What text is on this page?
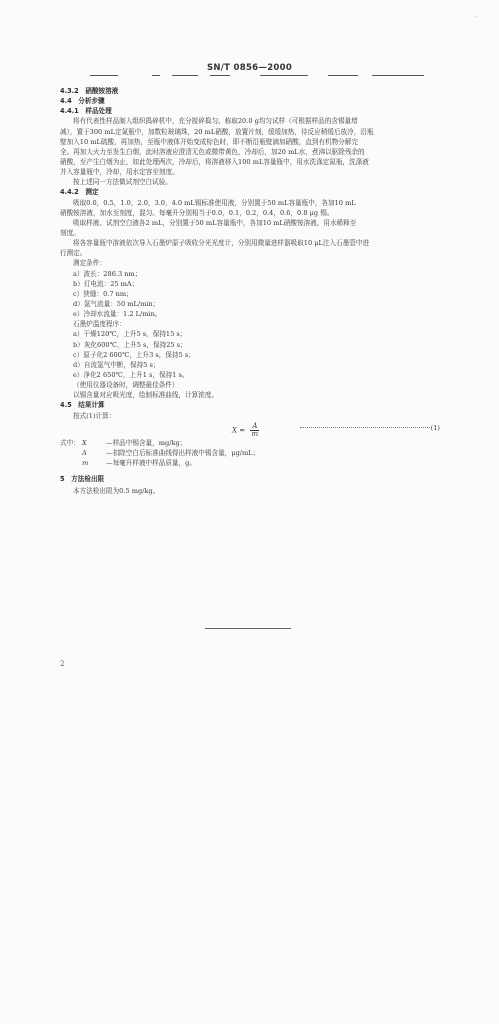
·
SN/T 0856—2000
4.3.2　硝酸铵溶液
4.4　分析步骤
4.4.1　样品处理
将有代表性样品制入组织捣碎机中，充分搅碎捣匀。称取20.0 g均匀试样（可根据样品的含锡量增
减），置于300 mL定氮瓶中，加数粒玻璃珠，20 mL硝酸，放置片刻，缓缓加热，待反应稍缓后放冷，沿瓶
壁加入10 mL硫酸，再加热，至瓶中液体开始变成棕色时，即不断沿瓶壁滴加硝酸，直到有机物分解完
全。再加大火力至发生白烟，此时溶液应澄清无色或微带黄色，冷却后，加20 mL水，煮沸以驱除残余的
硝酸，至产生白烟为止，如此处理两次，冷却后，将溶液移入100 mL容量瓶中，用水洗涤定氮瓶，洗涤液
并入容量瓶中，冷却，用水定容至刻度。
按上述同一方法做试剂空白试验。
4.4.2　测定
吸取0.0，0.5，1.0，2.0，3.0，4.0 mL锡标准使用液，分别置于50 mL容量瓶中，各加10 mL
硝酸铵溶液，加水至刻度，混匀。每毫升分别相当于0.0，0.1，0.2，0.4，0.6，0.8 μg 锡。
吸取样液、试剂空白液各2 mL，分别置于50 mL容量瓶中，各加10 mL硝酸铵溶液，用水稀释至
刻度。
将各容量瓶中溶液依次导入石墨炉原子吸收分光光度计，分别用微量进样器吸取10 μL注入石墨管中进
行测定。
测定条件：
a）波长：286.3 nm；
b）灯电流：25 mA；
c）狭缝：0.7 nm；
d）氩气流量：50 mL/min；
e）冷却水流量：1.2 L/min。
石墨炉温度程序：
a）干燥120℃，上升5 s，保持15 s；
b）灰化600℃，上升5 s，保持25 s；
c）原子化2 600℃，上升3 s，保持5 s；
d）自流氩气中断，保持5 s；
e）净化2 650℃，上升1 s，保持1 s。
（使用仪器设备时，调整最佳条件）
以锡含量对应吸光度，绘制标准曲线，计算浓度。
4.5　结果计算
按式(1)计算：
$X = \frac{A}{m}$	(1)
式中： X	—样品中锡含量，mg/kg；
A	—扣除空白后标准曲线得出样液中锡含量，μg/mL；
m	—每毫升样液中样品质量，g。
5　方法检出限
本方法检出限为0.5 mg/kg。
2
